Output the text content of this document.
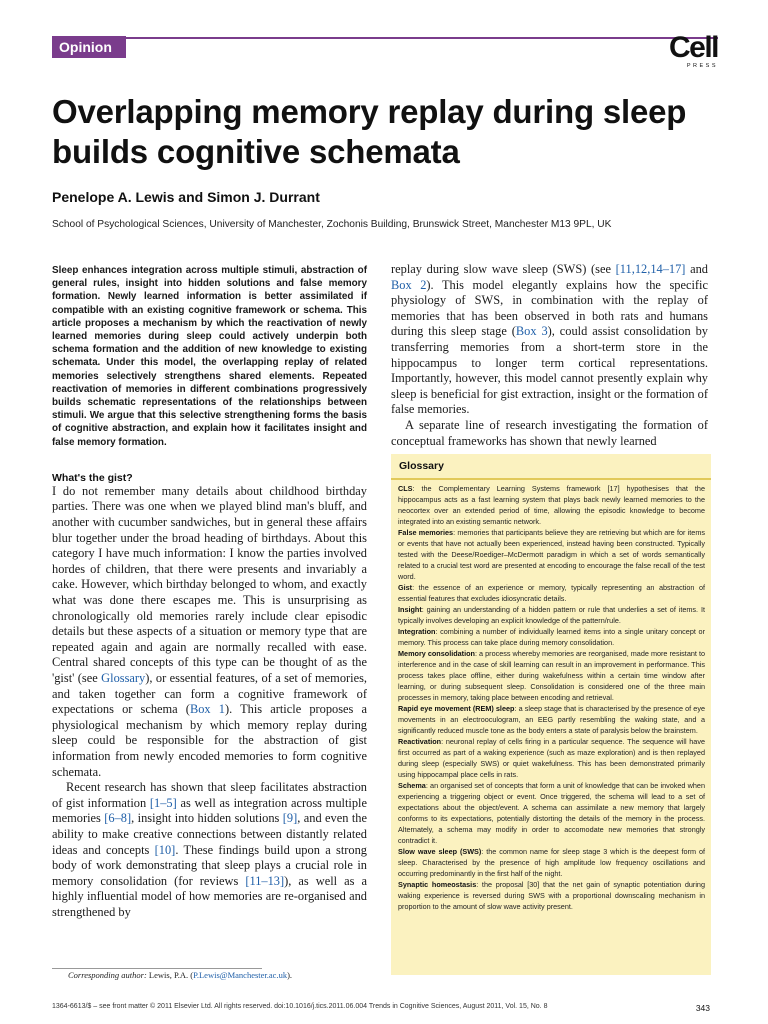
Opinion	Cell
PRESS
Overlapping memory replay during sleep builds cognitive schemata
Penelope A. Lewis and Simon J. Durrant
School of Psychological Sciences, University of Manchester, Zochonis Building, Brunswick Street, Manchester M13 9PL, UK

Sleep enhances integration across multiple stimuli, abstraction of general rules, insight into hidden solutions and false memory formation. Newly learned information is better assimilated if compatible with an existing cognitive framework or schema. This article proposes a mechanism by which the reactivation of newly learned memories during sleep could actively underpin both schema formation and the addition of new knowledge to existing schemata. Under this model, the overlapping replay of related memories selectively strengthens shared elements. Repeated reactivation of memories in different combinations progressively builds schematic representations of the relationships between stimuli. We argue that this selective strengthening forms the basis of cognitive abstraction, and explain how it facilitates insight and false memory formation.

What's the gist?

I do not remember many details about childhood birthday parties. There was one when we played blind man's bluff, and another with cucumber sandwiches, but in general these affairs blur together under the broad heading of birthdays. About this category I have much information: I know the parties involved hordes of children, that there were presents and invariably a cake. However, which birthday belonged to whom, and exactly what was done there escapes me. This is unsurprising as chronologically old memories rarely include clear episodic details but these aspects of a situation or memory type that are repeated again and again are normally recalled with ease. Central shared concepts of this type can be thought of as the 'gist' (see Glossary), or essential features, of a set of memories, and taken together can form a cognitive framework of expectations or schema (Box 1). This article proposes a physiological mechanism by which memory replay during sleep could be responsible for the abstraction of gist information from newly encoded memories to form cognitive schemata.

Recent research has shown that sleep facilitates abstraction of gist information [1–5] as well as integration across multiple memories [6–8], insight into hidden solutions [9], and even the ability to make creative connections between distantly related ideas and concepts [10]. These findings build upon a strong body of work demonstrating that sleep plays a crucial role in memory consolidation (for reviews [11–13]), as well as a highly influential model of how memories are re-organised and strengthened by

replay during slow wave sleep (SWS) (see [11,12,14–17] and Box 2). This model elegantly explains how the specific physiology of SWS, in combination with the replay of memories that has been observed in both rats and humans during this sleep stage (Box 3), could assist consolidation by transferring memories from a short-term store in the hippocampus to longer term cortical representations. Importantly, however, this model cannot presently explain why sleep is beneficial for gist extraction, insight or the formation of false memories.

A separate line of research investigating the formation of conceptual frameworks has shown that newly learned

Glossary
CLS: the Complementary Learning Systems framework [17] hypothesises that the hippocampus acts as a fast learning system that plays back newly learned memories to the neocortex over an extended period of time, allowing the episodic knowledge to become integrated into an existing semantic network.
False memories: memories that participants believe they are retrieving but which are for items or events that have not actually been experienced, instead having been constructed. Typically tested with the Deese/Roediger–McDermott paradigm in which a set of words semantically related to a crucial test word are presented at encoding to encourage the false recall of the test word.
Gist: the essence of an experience or memory, typically representing an abstraction of essential features that excludes idiosyncratic details.
Insight: gaining an understanding of a hidden pattern or rule that underlies a set of items. It typically involves developing an explicit knowledge of the pattern/rule.
Integration: combining a number of individually learned items into a single unitary concept or memory. This process can take place during memory consolidation.
Memory consolidation: a process whereby memories are reorganised, made more resistant to interference and in the case of skill learning can result in an improvement in performance. This process takes place offline, either during wakefulness within a certain time window after learning, or during subsequent sleep. Consolidation is considered one of the three main processes in memory, taking place between encoding and retrieval.
Rapid eye movement (REM) sleep: a sleep stage that is characterised by the presence of eye movements in an electrooculogram, an EEG partly resembling the waking state, and a significantly reduced muscle tone as the body enters a state of paralysis below the brainstem.
Reactivation: neuronal replay of cells firing in a particular sequence. The sequence will have first occurred as part of a waking experience (such as maze exploration) and is then replayed during sleep (especially SWS) or quiet wakefulness. This has been demonstrated primarily using hippocampal place cells in rats.
Schema: an organised set of concepts that form a unit of knowledge that can be invoked when experiencing a triggering object or event. Once triggered, the schema will lead to a set of expectations about the object/event. A schema can assimilate a new memory that largely conforms to its expectations, potentially distorting the details of the memory in the process. Alternately, a schema may modify in order to accomodate new memories that strongly contradict it.
Slow wave sleep (SWS): the common name for sleep stage 3 which is the deepest form of sleep. Characterised by the presence of high amplitude low frequency oscillations and occurring predominantly in the first half of the night.
Synaptic homeostasis: the proposal [30] that the net gain of synaptic potentiation during waking experience is reversed during SWS with a proportional downscaling mechanism in proportion to the amount of slow wave activity present.
Corresponding author: Lewis, P.A. (P.Lewis@Manchester.ac.uk).
1364-6613/$ – see front matter © 2011 Elsevier Ltd. All rights reserved. doi:10.1016/j.tics.2011.06.004 Trends in Cognitive Sciences, August 2011, Vol. 15, No. 8	343
